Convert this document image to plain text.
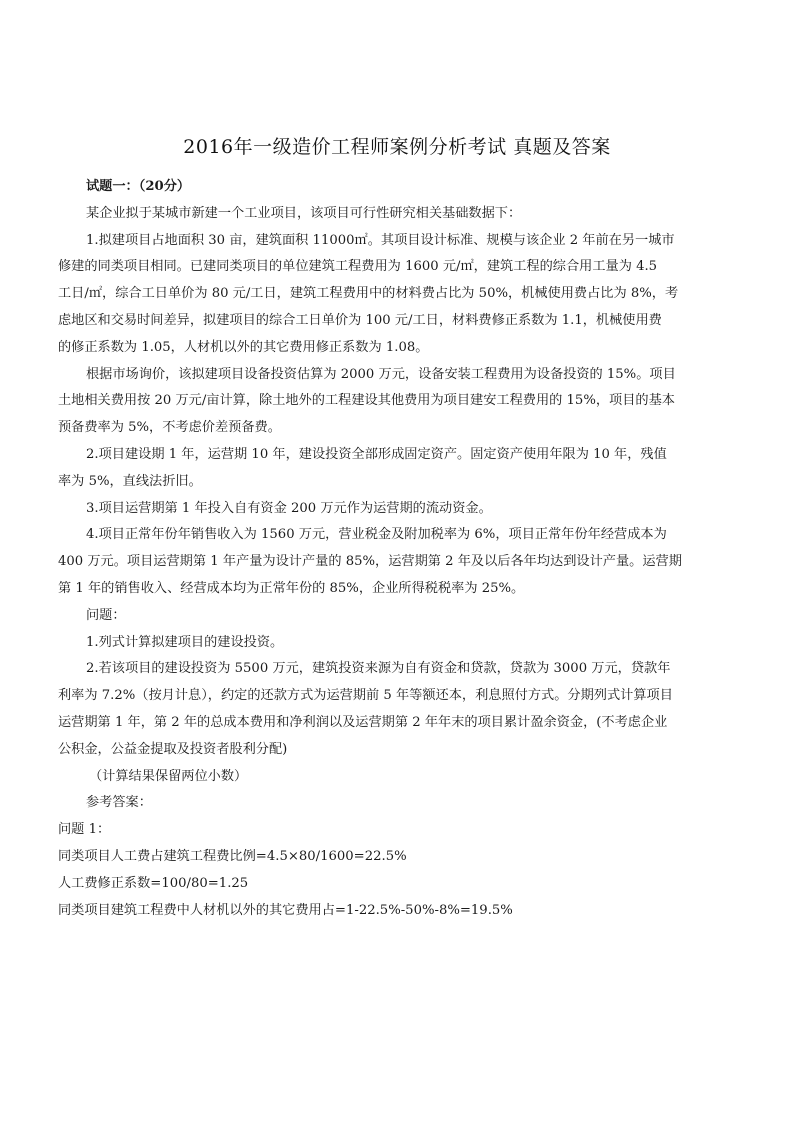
2016年一级造价工程师案例分析考试 真题及答案

试题一：（20分）

某企业拟于某城市新建一个工业项目，该项目可行性研究相关基础数据下：

1.拟建项目占地面积 30 亩，建筑面积 11000㎡。其项目设计标准、规模与该企业 2 年前在另一城市

修建的同类项目相同。已建同类项目的单位建筑工程费用为 1600 元/㎡，建筑工程的综合用工量为 4.5

工日/㎡，综合工日单价为 80 元/工日，建筑工程费用中的材料费占比为 50%，机械使用费占比为 8%，考

虑地区和交易时间差异，拟建项目的综合工日单价为 100 元/工日，材料费修正系数为 1.1，机械使用费

的修正系数为 1.05，人材机以外的其它费用修正系数为 1.08。

根据市场询价，该拟建项目设备投资估算为 2000 万元，设备安装工程费用为设备投资的 15%。项目

土地相关费用按 20 万元/亩计算，除土地外的工程建设其他费用为项目建安工程费用的 15%，项目的基本

预备费率为 5%，不考虑价差预备费。

2.项目建设期 1 年，运营期 10 年，建设投资全部形成固定资产。固定资产使用年限为 10 年，残值

率为 5%，直线法折旧。

3.项目运营期第 1 年投入自有资金 200 万元作为运营期的流动资金。

4.项目正常年份年销售收入为 1560 万元，营业税金及附加税率为 6%，项目正常年份年经营成本为

400 万元。项目运营期第 1 年产量为设计产量的 85%，运营期第 2 年及以后各年均达到设计产量。运营期

第 1 年的销售收入、经营成本均为正常年份的 85%，企业所得税税率为 25%。

问题：

1.列式计算拟建项目的建设投资。

2.若该项目的建设投资为 5500 万元，建筑投资来源为自有资金和贷款，贷款为 3000 万元，贷款年

利率为 7.2%（按月计息），约定的还款方式为运营期前 5 年等额还本，利息照付方式。分期列式计算项目

运营期第 1 年，第 2 年的总成本费用和净利润以及运营期第 2 年年末的项目累计盈余资金，(不考虑企业

公积金，公益金提取及投资者股利分配)

（计算结果保留两位小数）

参考答案：

问题 1：

同类项目人工费占建筑工程费比例=4.5×80/1600=22.5%

人工费修正系数=100/80=1.25

同类项目建筑工程费中人材机以外的其它费用占=1-22.5%-50%-8%=19.5%
